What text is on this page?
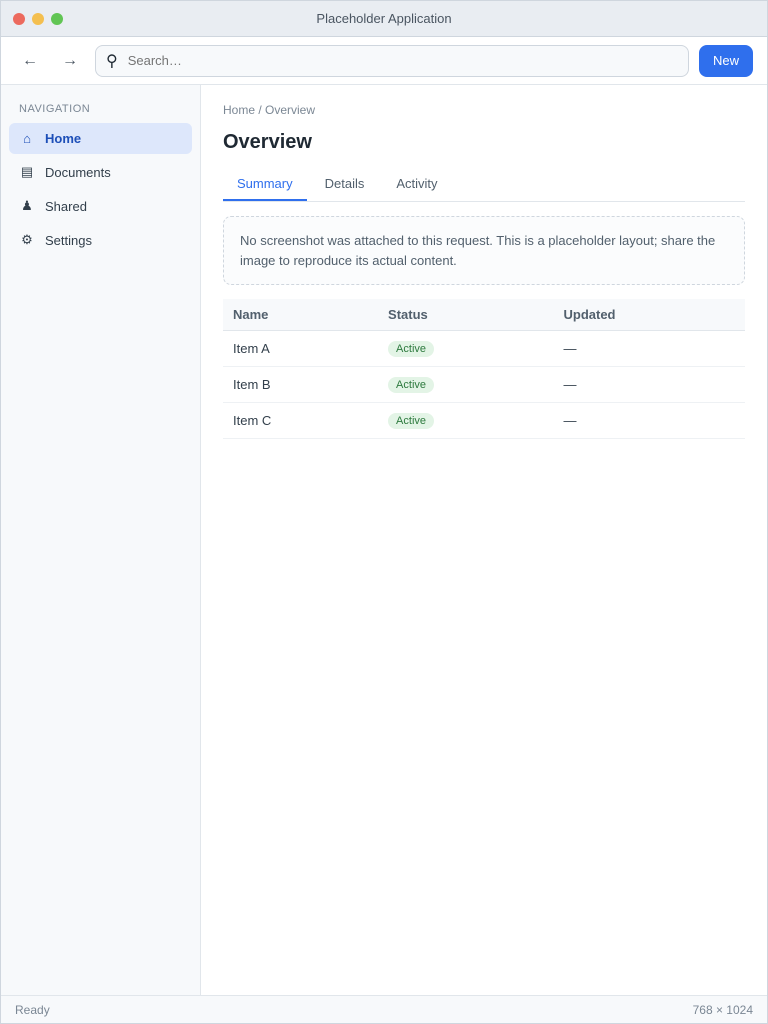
Placeholder Application
←	→	⚲
Search…	New
NAVIGATION
⌂	Home
▤ Documents
♟ Shared
⚙ Settings
Home / Overview
Overview
Summary	Details	Activity
No screenshot was attached to this request. This is a placeholder layout; share the image to reproduce its actual content.
Name	Status	Updated
Item A	Active	—
Item B	Active	—
Item C	Active	—
Ready	768 × 1024
